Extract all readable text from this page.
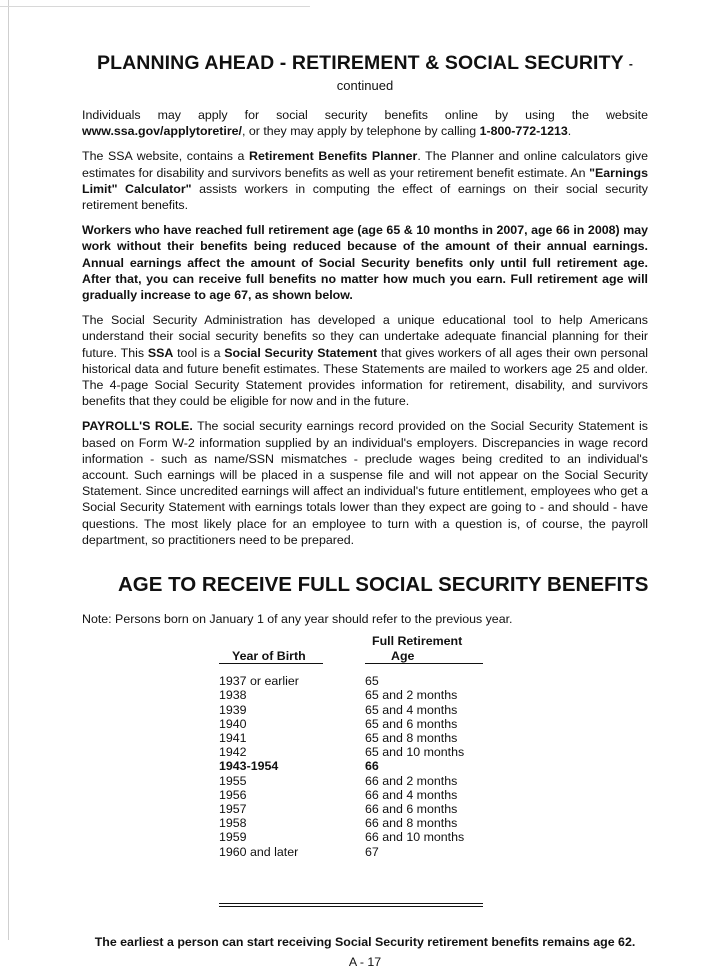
PLANNING AHEAD - RETIREMENT & SOCIAL SECURITY -
continued

Individuals may apply for social security benefits online by using the website www.ssa.gov/applytoretire/, or they may apply by telephone by calling 1-800-772-1213.

The SSA website, contains a Retirement Benefits Planner. The Planner and online calculators give estimates for disability and survivors benefits as well as your retirement benefit estimate. An "Earnings Limit" Calculator" assists workers in computing the effect of earnings on their social security retirement benefits.

Workers who have reached full retirement age (age 65 & 10 months in 2007, age 66 in 2008) may work without their benefits being reduced because of the amount of their annual earnings. Annual earnings affect the amount of Social Security benefits only until full retirement age. After that, you can receive full benefits no matter how much you earn. Full retirement age will gradually increase to age 67, as shown below.

The Social Security Administration has developed a unique educational tool to help Americans understand their social security benefits so they can undertake adequate financial planning for their future. This SSA tool is a Social Security Statement that gives workers of all ages their own personal historical data and future benefit estimates. These Statements are mailed to workers age 25 and older. The 4-page Social Security Statement provides information for retirement, disability, and survivors benefits that they could be eligible for now and in the future.

PAYROLL'S ROLE. The social security earnings record provided on the Social Security Statement is based on Form W-2 information supplied by an individual's employers. Discrepancies in wage record information - such as name/SSN mismatches - preclude wages being credited to an individual's account. Such earnings will be placed in a suspense file and will not appear on the Social Security Statement. Since uncredited earnings will affect an individual's future entitlement, employees who get a Social Security Statement with earnings totals lower than they expect are going to - and should - have questions. The most likely place for an employee to turn with a question is, of course, the payroll department, so practitioners need to be prepared.

AGE TO RECEIVE FULL SOCIAL SECURITY BENEFITS

Note: Persons born on January 1 of any year should refer to the previous year.

Year of Birth
Full Retirement
Age
1937 or earlier
1938
1939
1940
1941
1942
1943-1954
1955
1956
1957
1958
1959
1960 and later
65
65 and 2 months
65 and 4 months
65 and 6 months
65 and 8 months
65 and 10 months
66
66 and 2 months
66 and 4 months
66 and 6 months
66 and 8 months
66 and 10 months
67
The earliest a person can start receiving Social Security retirement benefits remains age 62.
A - 17
